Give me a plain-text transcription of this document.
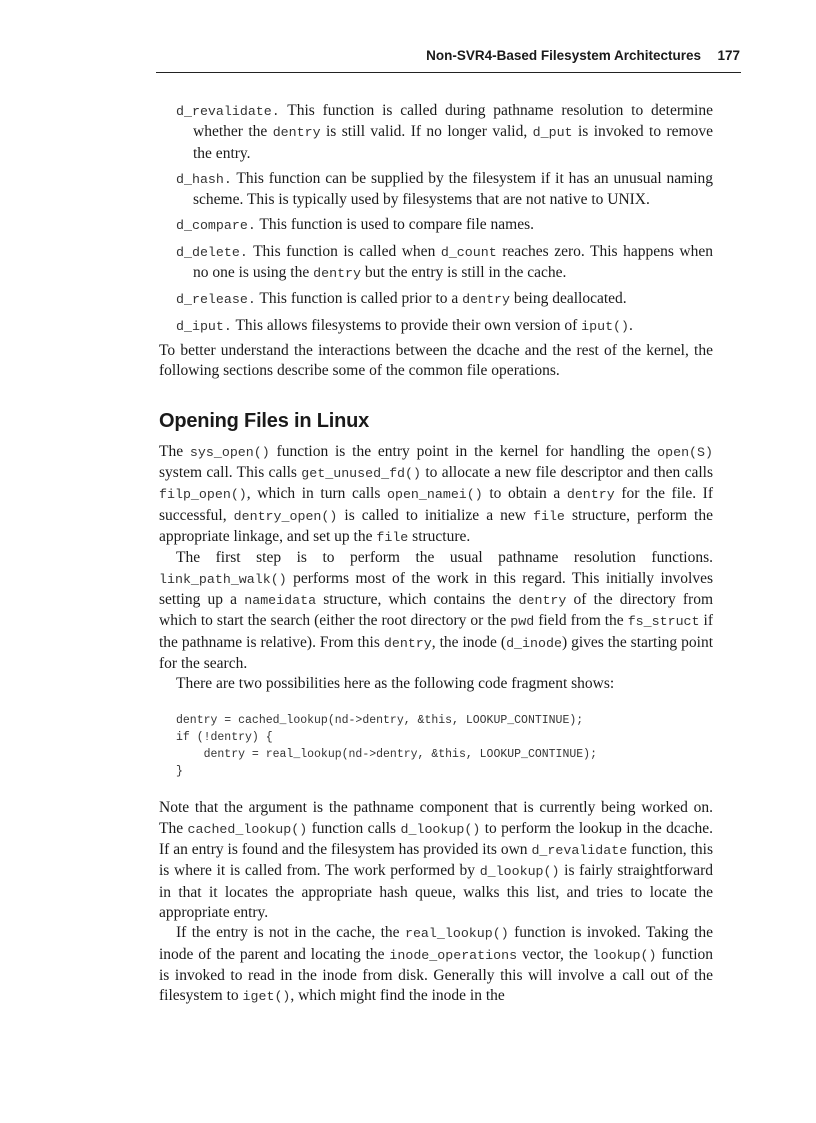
Non-SVR4-Based Filesystem Architectures 177

d_revalidate. This function is called during pathname resolution to determine whether the dentry is still valid. If no longer valid, d_put is invoked to remove the entry.

d_hash. This function can be supplied by the filesystem if it has an unusual naming scheme. This is typically used by filesystems that are not native to UNIX.

d_compare. This function is used to compare file names.

d_delete. This function is called when d_count reaches zero. This happens when no one is using the dentry but the entry is still in the cache.

d_release. This function is called prior to a dentry being deallocated.

d_iput. This allows filesystems to provide their own version of iput().

To better understand the interactions between the dcache and the rest of the kernel, the following sections describe some of the common file operations.

Opening Files in Linux

The sys_open() function is the entry point in the kernel for handling the open(S) system call. This calls get_unused_fd() to allocate a new file descriptor and then calls filp_open(), which in turn calls open_namei() to obtain a dentry for the file. If successful, dentry_open() is called to initialize a new file structure, perform the appropriate linkage, and set up the file structure.

The first step is to perform the usual pathname resolution functions. link_path_walk() performs most of the work in this regard. This initially involves setting up a nameidata structure, which contains the dentry of the directory from which to start the search (either the root directory or the pwd field from the fs_struct if the pathname is relative). From this dentry, the inode (d_inode) gives the starting point for the search.

There are two possibilities here as the following code fragment shows:

dentry = cached_lookup(nd->dentry, &this, LOOKUP_CONTINUE);
if (!dentry) {
dentry = real_lookup(nd->dentry, &this, LOOKUP_CONTINUE);
}

Note that the argument is the pathname component that is currently being worked on. The cached_lookup() function calls d_lookup() to perform the lookup in the dcache. If an entry is found and the filesystem has provided its own d_revalidate function, this is where it is called from. The work performed by d_lookup() is fairly straightforward in that it locates the appropriate hash queue, walks this list, and tries to locate the appropriate entry.

If the entry is not in the cache, the real_lookup() function is invoked. Taking the inode of the parent and locating the inode_operations vector, the lookup() function is invoked to read in the inode from disk. Generally this will involve a call out of the filesystem to iget(), which might find the inode in the
